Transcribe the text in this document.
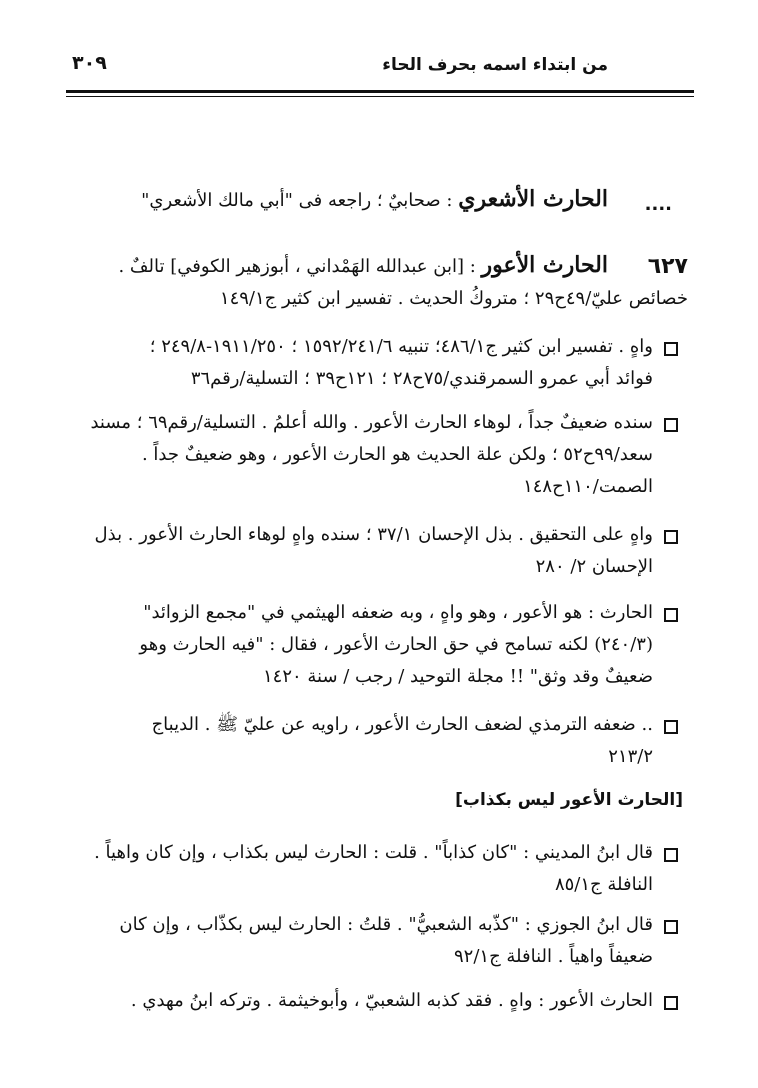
من ابتداء اسمه بحرف الحاء
٣٠٩
....
الحارث الأشعري : صحابيٌ ؛ راجعه فى "أبي مالك الأشعري"
٦٢٧
الحارث الأعور : [ابن عبدالله الهَمْداني ، أبوزهير الكوفي] تالفٌ .
خصائص عليّ/٤٩ح٢٩ ؛ متروكُ الحديث . تفسير ابن كثير ج١٤٩/١
واهٍ . تفسير ابن كثير ج٤٨٦/١؛ تنبيه ١٥٩٢/٢٤١/٦ ؛ ١٩١١/٢٥٠-٢٤٩/٨ ؛
فوائد أبي عمرو السمرقندي/٧٥ح٢٨ ؛ ١٢١ح٣٩ ؛ التسلية/رقم٣٦
سنده ضعيفٌ جداً ، لوهاء الحارث الأعور . والله أعلمُ . التسلية/رقم٦٩ ؛ مسند
سعد/٩٩ح٥٢ ؛ ولكن علة الحديث هو الحارث الأعور ، وهو ضعيفٌ جداً .
الصمت/١١٠ح١٤٨
واهٍ على التحقيق . بذل الإحسان ٣٧/١ ؛ سنده واهٍ لوهاء الحارث الأعور . بذل
الإحسان ٢/ ٢٨٠
الحارث : هو الأعور ، وهو واهٍ ، وبه ضعفه الهيثمي في "مجمع الزوائد"
(٢٤٠/٣) لكنه تسامح في حق الحارث الأعور ، فقال : "فيه الحارث وهو
ضعيفٌ وقد وثق" !! مجلة التوحيد / رجب / سنة ١٤٢٠
.. ضعفه الترمذي لضعف الحارث الأعور ، راويه عن عليّ ﷺ . الديباج
٢١٣/٢
[الحارث الأعور ليس بكذاب]
قال ابنُ المديني : "كان كذاباً" . قلت : الحارث ليس بكذاب ، وإن كان واهياً .
النافلة ج٨٥/١
قال ابنُ الجوزي : "كذّبه الشعبيُّ" . قلتُ : الحارث ليس بكذّاب ، وإن كان
ضعيفاً واهياً . النافلة ج٩٢/١
الحارث الأعور : واهٍ . فقد كذبه الشعبيّ ، وأبوخيثمة . وتركه ابنُ مهدي .
